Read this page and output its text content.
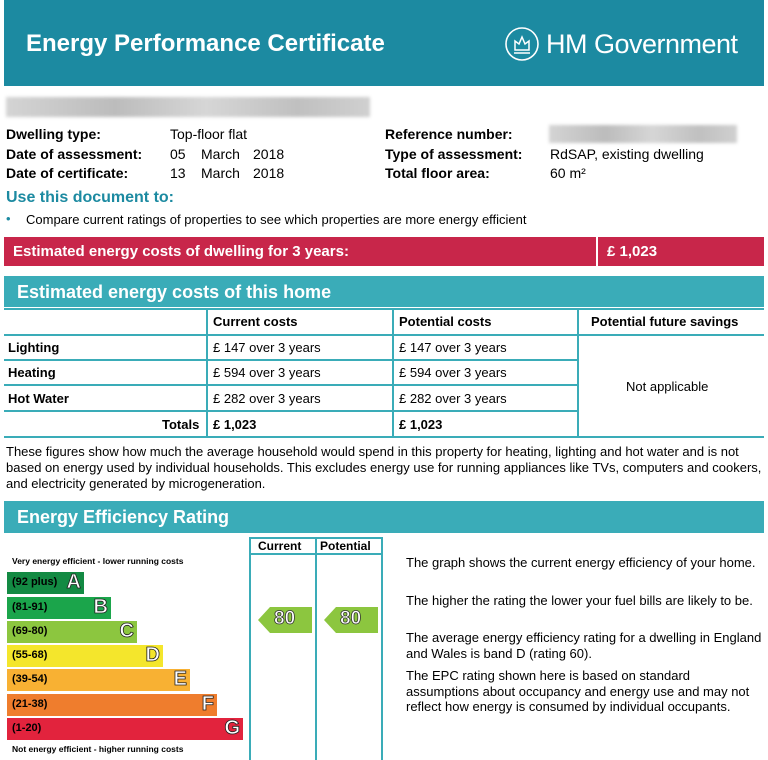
Energy Performance Certificate	HM Government
Dwelling type:	Top-floor flat
Date of assessment: 05 March 2018
Date of certificate:	13 March 2018
Reference number:
Type of assessment: RdSAP, existing dwelling
Total floor area:	60 m²
Use this document to:
• Compare current ratings of properties to see which properties are more energy efficient
Estimated energy costs of dwelling for 3 years:	£ 1,023
Estimated energy costs of this home
Current costs	Potential costs	Potential future savings
Lighting	£ 147 over 3 years	£ 147 over 3 years
Heating	£ 594 over 3 years	£ 594 over 3 years
Hot Water	£ 282 over 3 years	£ 282 over 3 years
Totals £ 1,023	£ 1,023
Not applicable
These figures show how much the average household would spend in this property for heating, lighting and hot water and is not based on energy used by individual households. This excludes energy use for running appliances like TVs, computers and cookers, and electricity generated by microgeneration.
Energy Efficiency Rating
Very energy efficient - lower running costs
Not energy efficient - higher running costs
(92 plus) A
(81-91) B
(69-80)	C
(55-68)	D
(39-54)	E
(21-38)	F
(1-20)	G
Current Potential
80 80
The graph shows the current energy efficiency of your home.
The higher the rating the lower your fuel bills are likely to be.
The average energy efficiency rating for a dwelling in England and Wales is band D (rating 60).
The EPC rating shown here is based on standard assumptions about occupancy and energy use and may not reflect how energy is consumed by individual occupants.
